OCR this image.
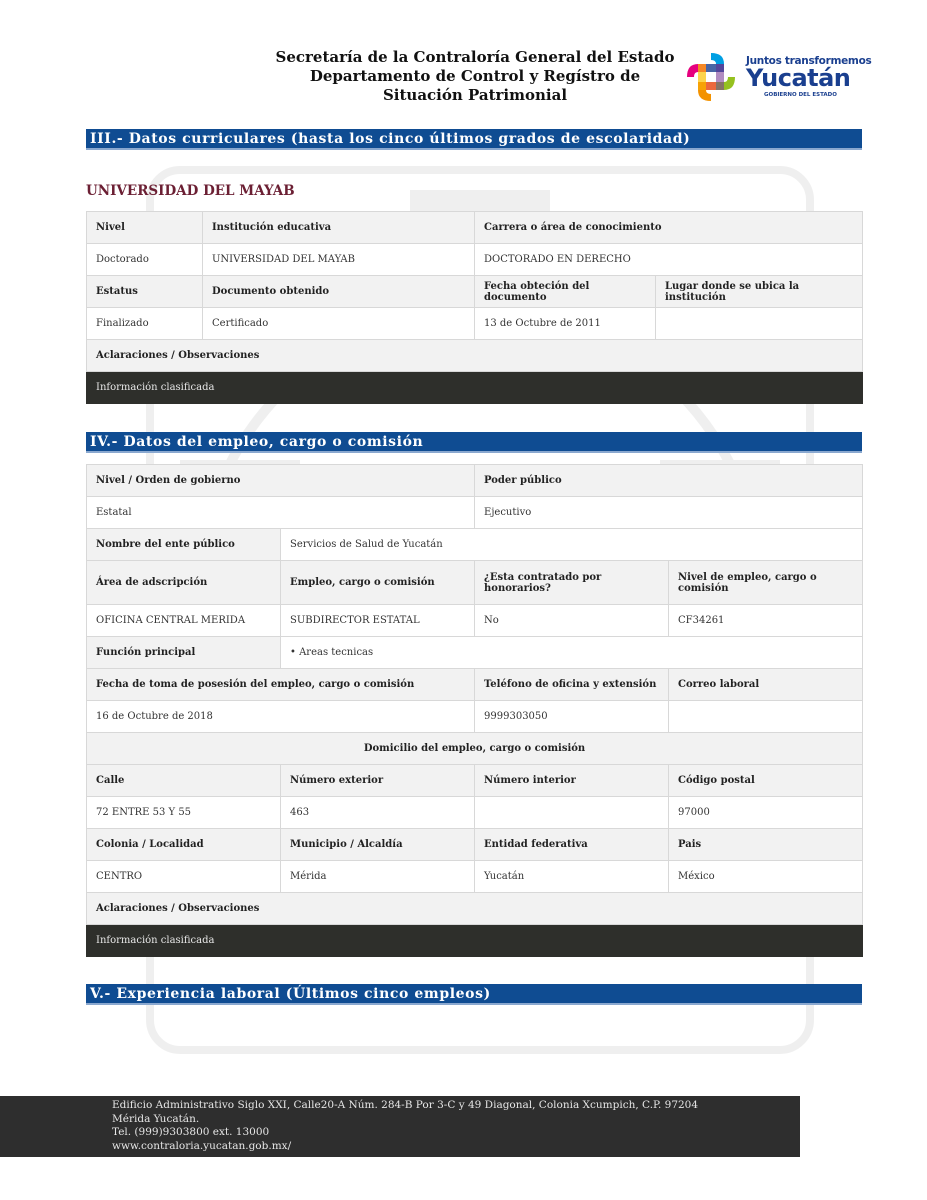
Secretaría de la Contraloría General del Estado
Departamento de Control y Regístro de
Situación Patrimonial
Juntos transformemos
Yucatán
GOBIERNO DEL ESTADO
III.- Datos curriculares (hasta los cinco últimos grados de escolaridad)
UNIVERSIDAD DEL MAYAB
Nivel	Institución educativa	Carrera o área de conocimiento	
Doctorado	UNIVERSIDAD DEL MAYAB	DOCTORADO EN DERECHO	
Estatus	Documento obtenido	Fecha obteción del documento	Lugar donde se ubica la institución
Finalizado	Certificado	13 de Octubre de 2011	
Aclaraciones / Observaciones			
Información clasificada			
IV.- Datos del empleo, cargo o comisión
Nivel / Orden de gobierno		Poder público	
Estatal		Ejecutivo	
Nombre del ente público	Servicios de Salud de Yucatán		
Área de adscripción	Empleo, cargo o comisión	¿Esta contratado por honorarios?	Nivel de empleo, cargo o comisión
OFICINA CENTRAL MERIDA	SUBDIRECTOR ESTATAL	No	CF34261
Función principal	• Areas tecnicas		
Fecha de toma de posesión del empleo, cargo o comisión		Teléfono de oficina y extensión	Correo laboral
16 de Octubre de 2018		9999303050	
Domicilio del empleo, cargo o comisión			
Calle	Número exterior	Número interior	Código postal
72 ENTRE 53 Y 55	463		97000
Colonia / Localidad	Municipio / Alcaldía	Entidad federativa	Pais
CENTRO	Mérida	Yucatán	México
Aclaraciones / Observaciones			
Información clasificada			
V.- Experiencia laboral (Últimos cinco empleos)
Edificio Administrativo Siglo XXI, Calle20-A Núm. 284-B Por 3-C y 49 Diagonal, Colonia Xcumpich, C.P. 97204
Mérida Yucatán.
Tel. (999)9303800 ext. 13000
www.contraloria.yucatan.gob.mx/
